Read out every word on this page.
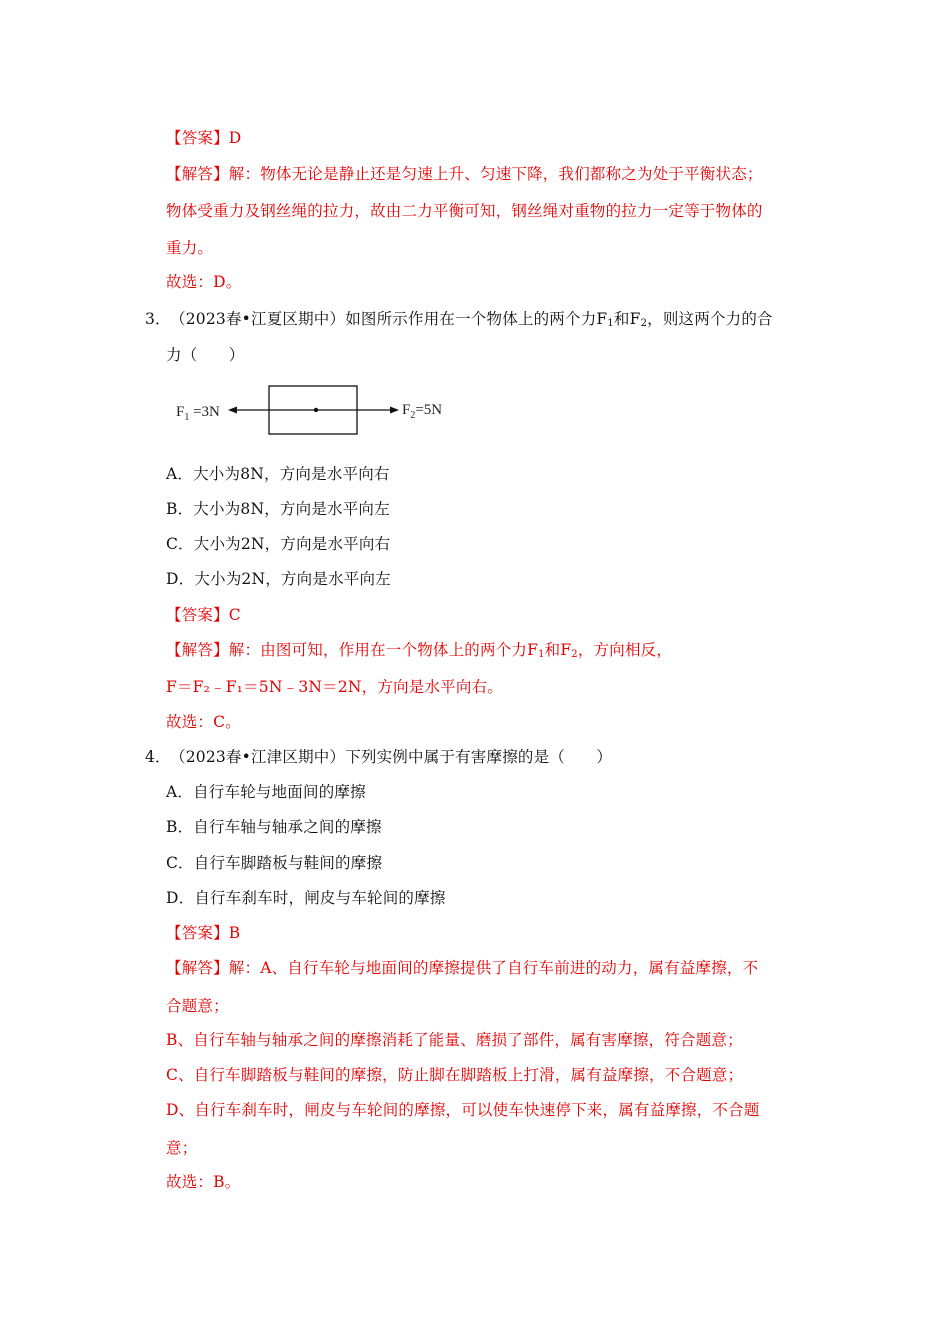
【答案】D
【解答】解：物体无论是静止还是匀速上升、匀速下降，我们都称之为处于平衡状态；
物体受重力及钢丝绳的拉力，故由二力平衡可知，钢丝绳对重物的拉力一定等于物体的
重力。
故选：D。
3． （2023春•江夏区期中）如图所示作用在一个物体上的两个力$F_1$和$F_2$，则这两个力的合
力（　　）
$F_1 =3N$	$F_2=5N$
A．大小为8N，方向是水平向右
B．大小为8N，方向是水平向左
C．大小为2N，方向是水平向右
D．大小为2N，方向是水平向左
【答案】C
【解答】解：由图可知，作用在一个物体上的两个力$F_1$和$F_2$，方向相反，
F＝F₂﹣F₁＝5N﹣3N＝2N，方向是水平向右。
故选：C。
4． （2023春•江津区期中）下列实例中属于有害摩擦的是（　　）
A．自行车轮与地面间的摩擦
B．自行车轴与轴承之间的摩擦
C．自行车脚踏板与鞋间的摩擦
D．自行车刹车时，闸皮与车轮间的摩擦
【答案】B
【解答】解：A、自行车轮与地面间的摩擦提供了自行车前进的动力，属有益摩擦，不
合题意；
B、自行车轴与轴承之间的摩擦消耗了能量、磨损了部件，属有害摩擦，符合题意；
C、自行车脚踏板与鞋间的摩擦，防止脚在脚踏板上打滑，属有益摩擦，不合题意；
D、自行车刹车时，闸皮与车轮间的摩擦，可以使车快速停下来，属有益摩擦，不合题
意；
故选：B。
